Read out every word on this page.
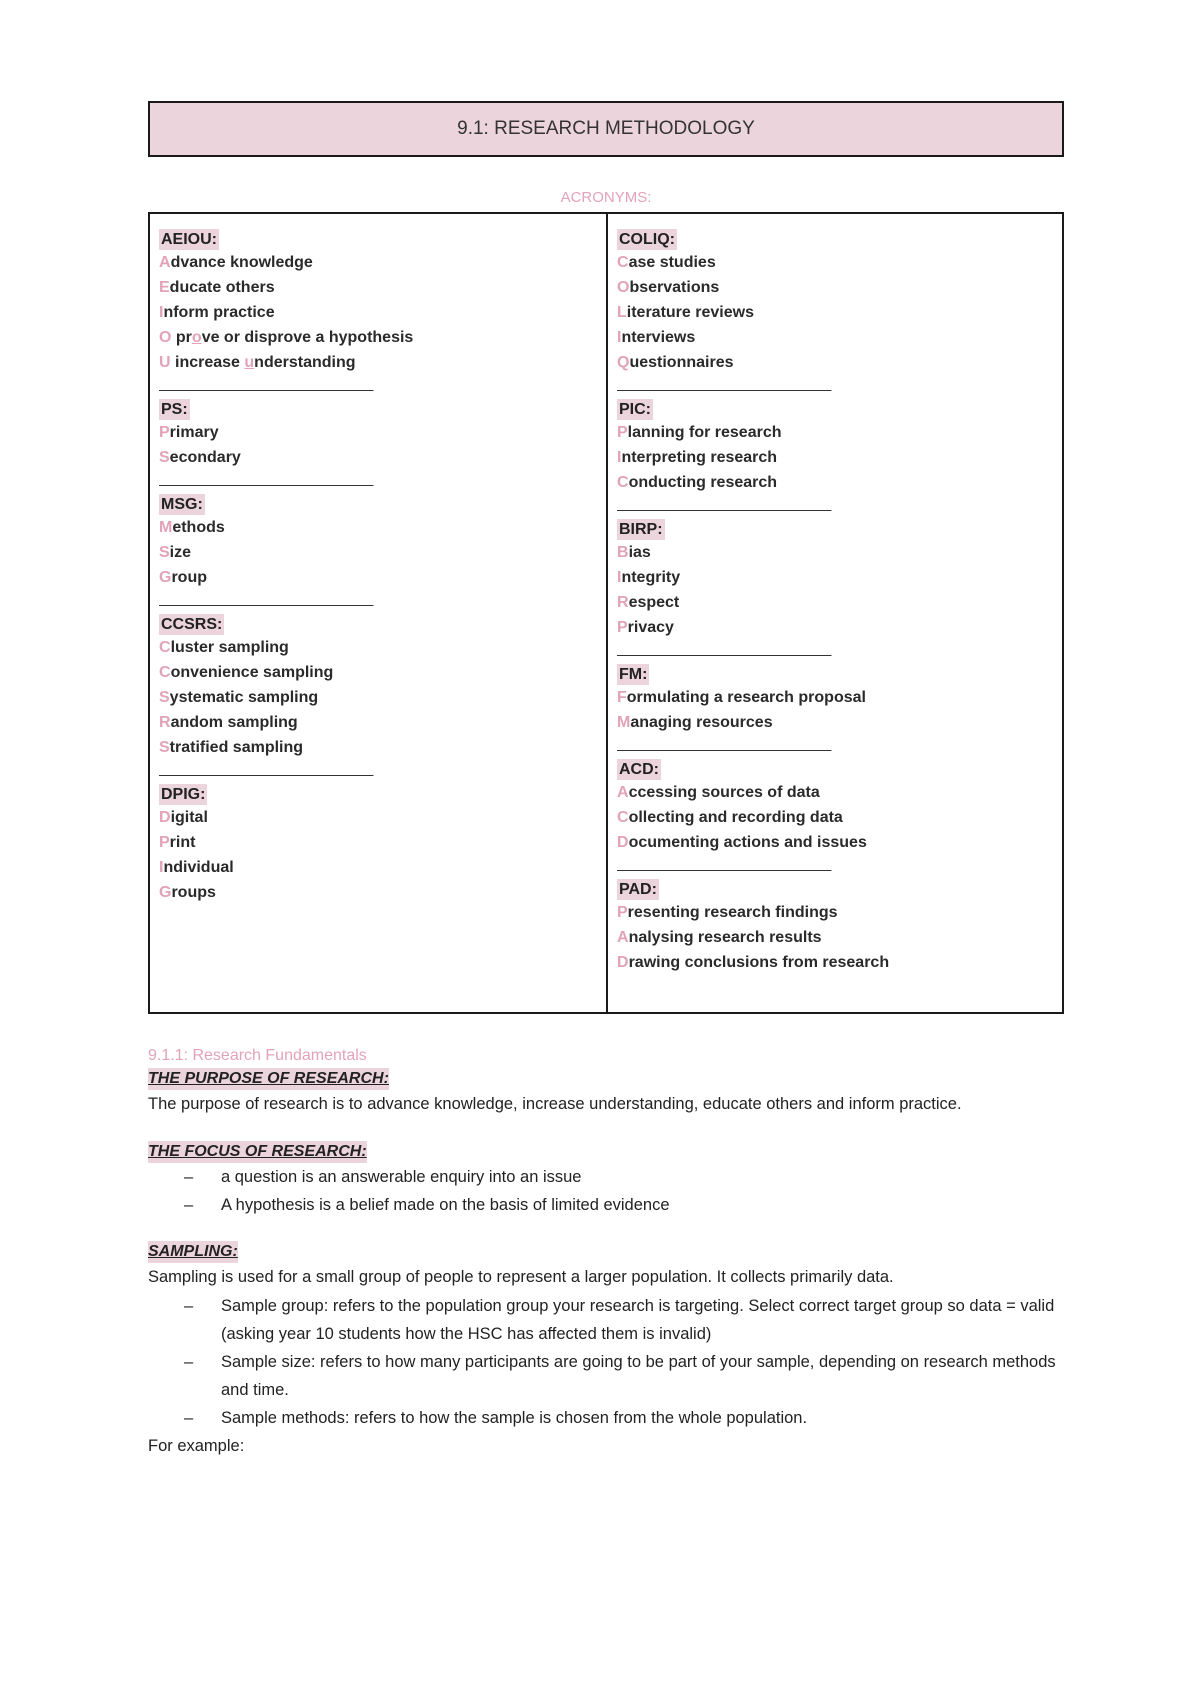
9.1: RESEARCH METHODOLOGY
ACRONYMS:
AEIOU:
Advance knowledge
Educate others
Inform practice
O prove or disprove a hypothesis
U increase understanding
___________________________
PS:
Primary
Secondary
___________________________
MSG:
Methods
Size
Group
___________________________
CCSRS:
Cluster sampling
Convenience sampling
Systematic sampling
Random sampling
Stratified sampling
___________________________
DPIG:
Digital
Print
Individual
Groups
COLIQ:
Case studies
Observations
Literature reviews
Interviews
Questionnaires
___________________________
PIC:
Planning for research
Interpreting research
Conducting research
___________________________
BIRP:
Bias
Integrity
Respect
Privacy
___________________________
FM:
Formulating a research proposal
Managing resources
___________________________
ACD:
Accessing sources of data
Collecting and recording data
Documenting actions and issues
___________________________
PAD:
Presenting research findings
Analysing research results
Drawing conclusions from research
9.1.1: Research Fundamentals
THE PURPOSE OF RESEARCH:
The purpose of research is to advance knowledge, increase understanding, educate others and inform practice.
THE FOCUS OF RESEARCH:
– a question is an answerable enquiry into an issue
– A hypothesis is a belief made on the basis of limited evidence
SAMPLING:
Sampling is used for a small group of people to represent a larger population. It collects primarily data.
– Sample group: refers to the population group your research is targeting. Select correct target group so data = valid (asking year 10 students how the HSC has affected them is invalid)
– Sample size: refers to how many participants are going to be part of your sample, depending on research methods and time.
– Sample methods: refers to how the sample is chosen from the whole population.
For example:
